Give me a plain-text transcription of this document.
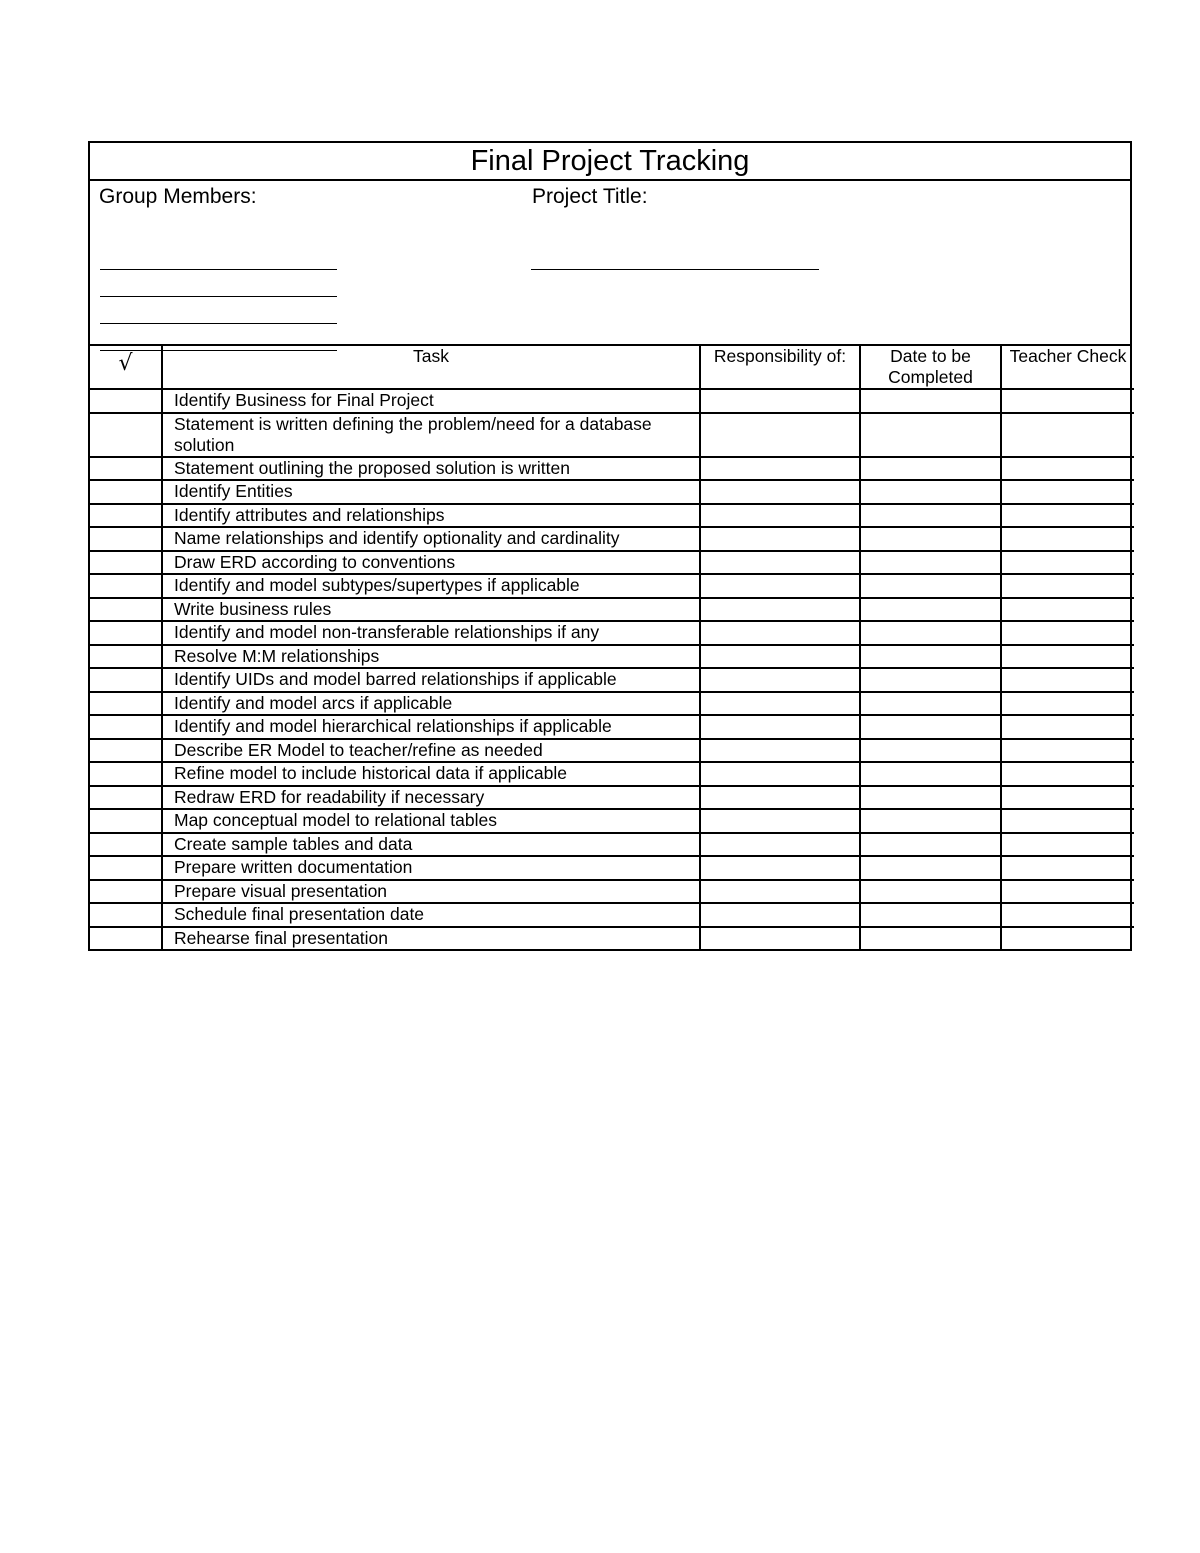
Final Project Tracking
Group Members:	Project Title:
√	Task	Responsibility of:	Date to be Completed	Teacher Check
	Identify Business for Final Project			
	Statement is written defining the problem/need for a database solution			
	Statement outlining the proposed solution is written			
	Identify Entities			
	Identify attributes and relationships			
	Name relationships and identify optionality and cardinality			
	Draw ERD according to conventions			
	Identify and model subtypes/supertypes if applicable			
	Write business rules			
	Identify and model non-transferable relationships if any			
	Resolve M:M relationships			
	Identify UIDs and model barred relationships if applicable			
	Identify and model arcs if applicable			
	Identify and model hierarchical relationships if applicable			
	Describe ER Model to teacher/refine as needed			
	Refine model to include historical data if applicable			
	Redraw ERD for readability if necessary			
	Map conceptual model to relational tables			
	Create sample tables and data			
	Prepare written documentation			
	Prepare visual presentation			
	Schedule final presentation date			
	Rehearse final presentation			
